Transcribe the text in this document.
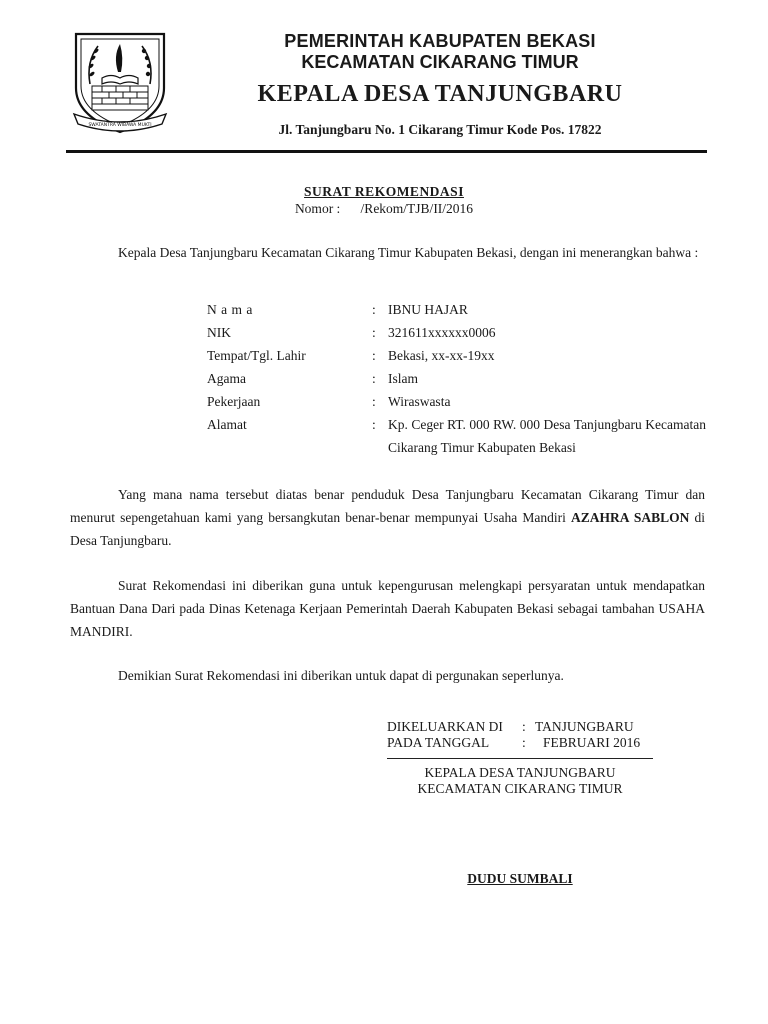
SWATANTRA WIBAWA MUKTI
PEMERINTAH KABUPATEN BEKASI
KECAMATAN CIKARANG TIMUR
KEPALA DESA TANJUNGBARU
Jl. Tanjungbaru No. 1 Cikarang Timur Kode Pos. 17822
SURAT REKOMENDASI
Nomor :      /Rekom/TJB/II/2016
Kepala Desa Tanjungbaru Kecamatan Cikarang Timur Kabupaten Bekasi, dengan ini menerangkan bahwa :
N a m a	: IBNU HAJAR
NIK	: 321611xxxxxx0006
Tempat/Tgl. Lahir	: Bekasi, xx-xx-19xx
Agama	: Islam
Pekerjaan	: Wiraswasta
Alamat	: Kp. Ceger RT. 000 RW. 000 Desa Tanjungbaru Kecamatan Cikarang Timur Kabupaten Bekasi
Yang mana nama tersebut diatas benar penduduk Desa Tanjungbaru Kecamatan Cikarang Timur dan menurut sepengetahuan kami yang bersangkutan benar-benar mempunyai Usaha Mandiri AZAHRA SABLON di Desa Tanjungbaru.
Surat Rekomendasi ini diberikan guna untuk kepengurusan melengkapi persyaratan untuk mendapatkan Bantuan Dana Dari pada Dinas Ketenaga Kerjaan Pemerintah Daerah Kabupaten Bekasi sebagai tambahan USAHA MANDIRI.
Demikian Surat Rekomendasi ini diberikan untuk dapat di pergunakan seperlunya.
DIKELUARKAN DI : TANJUNGBARU
PADA TANGGAL : FEBRUARI 2016
KEPALA DESA TANJUNGBARU
KECAMATAN CIKARANG TIMUR
DUDU SUMBALI
